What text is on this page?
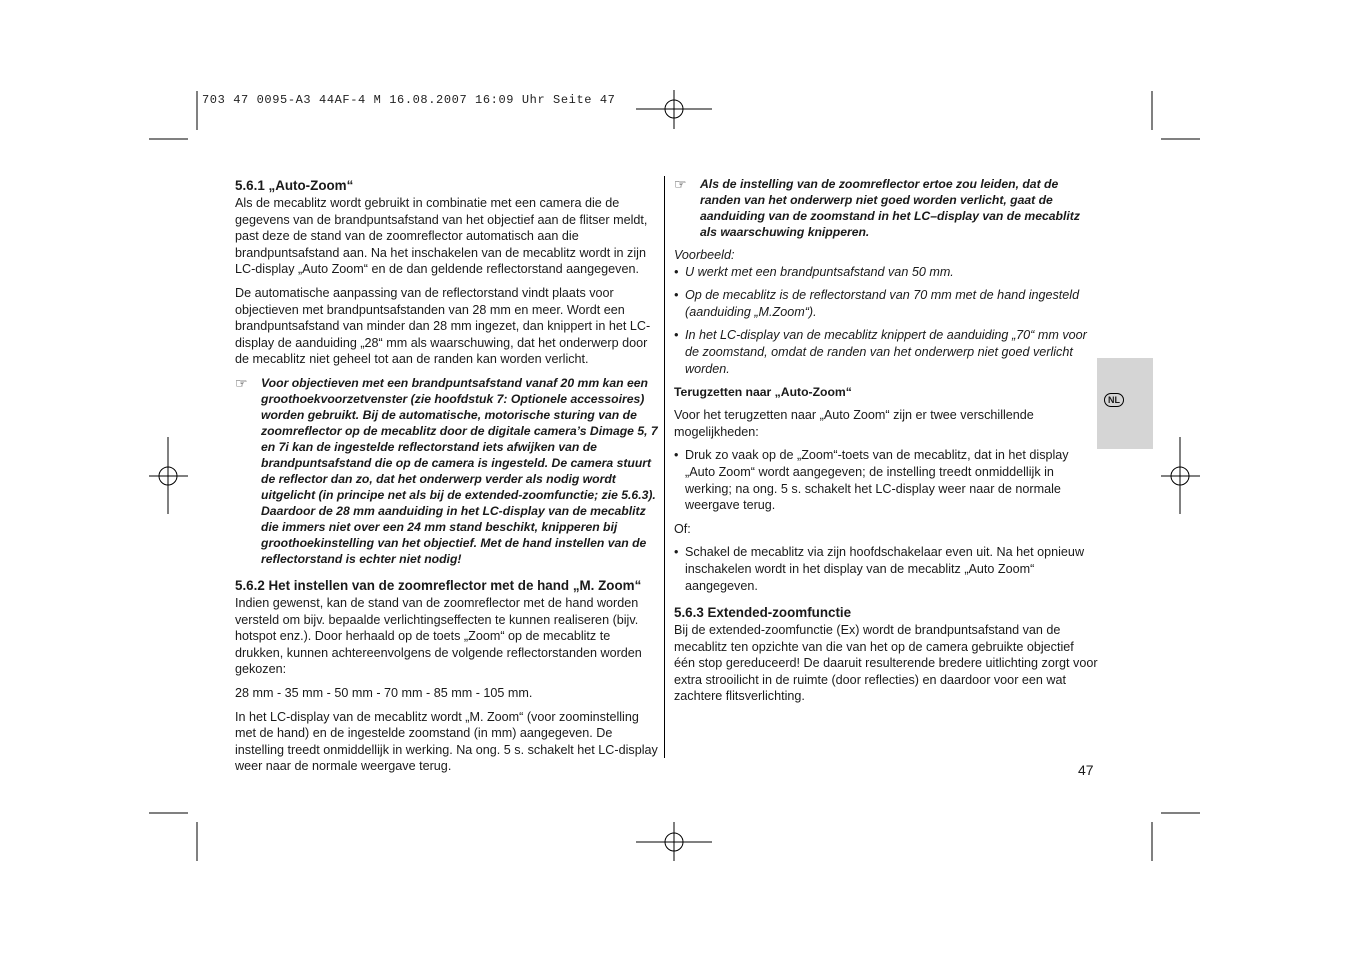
703 47 0095-A3 44AF-4 M 16.08.2007 16:09 Uhr Seite 47
5.6.1 „Auto-Zoom“

Als de mecablitz wordt gebruikt in combinatie met een camera die de gegevens van de brandpuntsafstand van het objectief aan de flitser meldt, past deze de stand van de zoomreflector automatisch aan die brandpuntsafstand aan. Na het inschakelen van de mecablitz wordt in zijn LC-display „Auto Zoom“ en de dan geldende reflectorstand aangegeven.

De automatische aanpassing van de reflectorstand vindt plaats voor objectieven met brandpuntsafstanden van 28 mm en meer. Wordt een brandpuntsafstand van minder dan 28 mm ingezet, dan knippert in het LC-display de aanduiding „28“ mm als waarschuwing, dat het onderwerp door de mecablitz niet geheel tot aan de randen kan worden verlicht.

☞	Voor objectieven met een brandpuntsafstand vanaf 20 mm kan een groothoekvoorzetvenster (zie hoofdstuk 7: Optionele accessoires) worden gebruikt. Bij de automatische, motorische sturing van de zoomreflector op de mecablitz door de digitale camera’s Dimage 5, 7 en 7i kan de ingestelde reflectorstand iets afwijken van de brandpuntsafstand die op de camera is ingesteld. De camera stuurt de reflector dan zo, dat het onderwerp verder als nodig wordt uitgelicht (in principe net als bij de extended-zoomfunctie; zie 5.6.3). Daardoor de 28 mm aanduiding in het LC-display van de mecablitz die immers niet over een 24 mm stand beschikt, knipperen bij groothoekinstelling van het objectief. Met de hand instellen van de reflectorstand is echter niet nodig!
5.6.2 Het instellen van de zoomreflector met de hand „M. Zoom“

Indien gewenst, kan de stand van de zoomreflector met de hand worden versteld om bijv. bepaalde verlichtingseffecten te kunnen realiseren (bijv. hotspot enz.). Door herhaald op de toets „Zoom“ op de mecablitz te drukken, kunnen achtereenvolgens de volgende reflectorstanden worden gekozen:

28 mm - 35 mm - 50 mm - 70 mm - 85 mm - 105 mm.

In het LC-display van de mecablitz wordt „M. Zoom“ (voor zoominstelling met de hand) en de ingestelde zoomstand (in mm) aangegeven. De instelling treedt onmiddellijk in werking. Na ong. 5 s. schakelt het LC-display weer naar de normale weergave terug.

☞	Als de instelling van de zoomreflector ertoe zou leiden, dat de randen van het onderwerp niet goed worden verlicht, gaat de aanduiding van de zoomstand in het LC–display van de mecablitz als waarschuwing knipperen.

Voorbeeld:

• U werkt met een brandpuntsafstand van 50 mm.
• Op de mecablitz is de reflectorstand van 70 mm met de hand ingesteld (aanduiding „M.Zoom“).
• In het LC-display van de mecablitz knippert de aanduiding „70“ mm voor de zoomstand, omdat de randen van het onderwerp niet goed verlicht worden.
Terugzetten naar „Auto-Zoom“

Voor het terugzetten naar „Auto Zoom“ zijn er twee verschillende mogelijkheden:

• Druk zo vaak op de „Zoom“-toets van de mecablitz, dat in het display „Auto Zoom“ wordt aangegeven; de instelling treedt onmiddellijk in werking; na ong. 5 s. schakelt het LC-display weer naar de normale weergave terug.

Of:

• Schakel de mecablitz via zijn hoofdschakelaar even uit. Na het opnieuw inschakelen wordt in het display van de mecablitz „Auto Zoom“ aangegeven.
5.6.3 Extended-zoomfunctie

Bij de extended-zoomfunctie (Ex) wordt de brandpuntsafstand van de mecablitz ten opzichte van die van het op de camera gebruikte objectief één stop gereduceerd! De daaruit resulterende bredere uitlichting zorgt voor extra strooilicht in de ruimte (door reflecties) en daardoor voor een wat zachtere flitsverlichting.

NL
47
